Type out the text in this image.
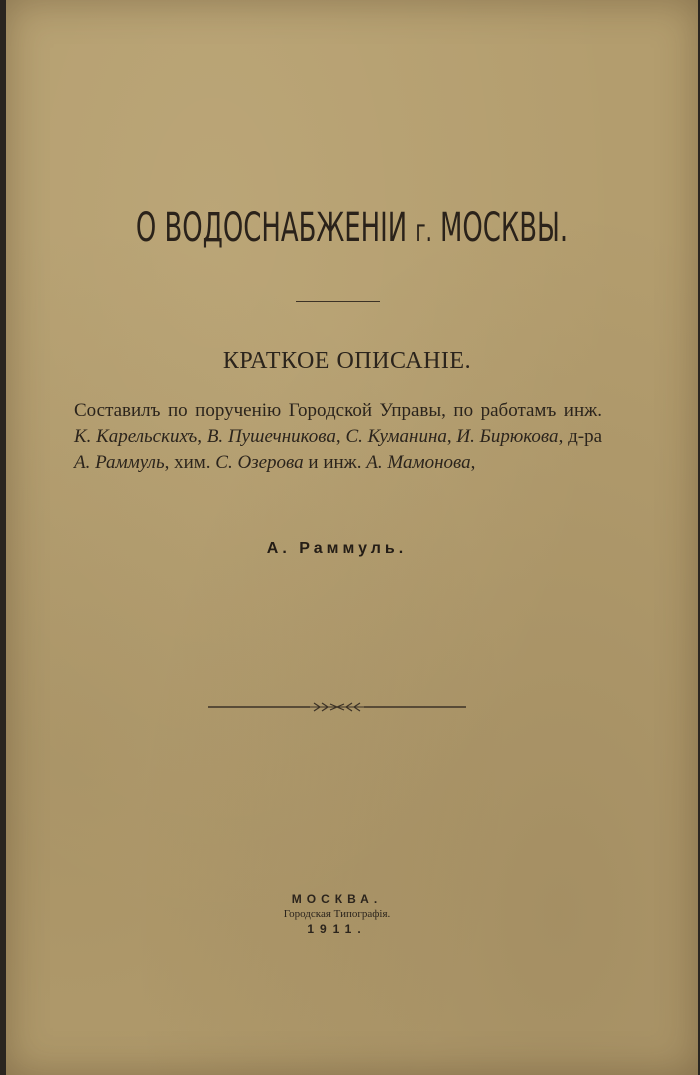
О ВОДОСНАБЖЕНІИ г. МОСКВЫ.
КРАТКОЕ ОПИСАНІЕ.
Составилъ по порученію Городской Управы, по работамъ инж. К. Карельскихъ, В. Пушечникова, С. Куманина, И. Бирюкова, д-ра А. Раммуль, хим. С. Озерова и инж. А. Мамонова,
А. Раммуль.
МОСКВА.
Городская Типографія.
1911.
